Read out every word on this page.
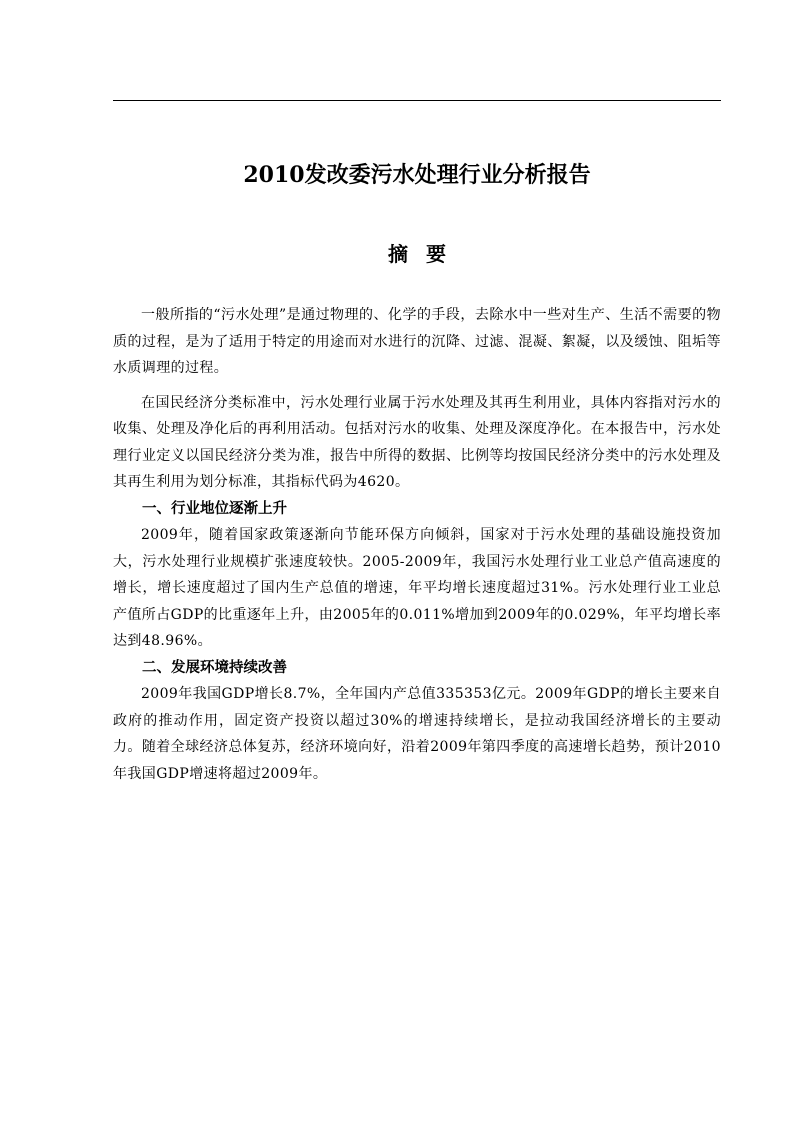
2010发改委污水处理行业分析报告
摘要

一般所指的“污水处理”是通过物理的、化学的手段，去除水中一些对生产、生活不需要的物质的过程，是为了适用于特定的用途而对水进行的沉降、过滤、混凝、絮凝，以及缓蚀、阻垢等水质调理的过程。

在国民经济分类标准中，污水处理行业属于污水处理及其再生利用业，具体内容指对污水的收集、处理及净化后的再利用活动。包括对污水的收集、处理及深度净化。在本报告中，污水处理行业定义以国民经济分类为准，报告中所得的数据、比例等均按国民经济分类中的污水处理及其再生利用为划分标准，其指标代码为4620。

一、行业地位逐渐上升

2009年，随着国家政策逐渐向节能环保方向倾斜，国家对于污水处理的基础设施投资加大，污水处理行业规模扩张速度较快。2005-2009年，我国污水处理行业工业总产值高速度的增长，增长速度超过了国内生产总值的增速，年平均增长速度超过31%。污水处理行业工业总产值所占GDP的比重逐年上升，由2005年的0.011%增加到2009年的0.029%，年平均增长率达到48.96%。

二、发展环境持续改善

2009年我国GDP增长8.7%，全年国内产总值335353亿元。2009年GDP的增长主要来自政府的推动作用，固定资产投资以超过30%的增速持续增长，是拉动我国经济增长的主要动力。随着全球经济总体复苏，经济环境向好，沿着2009年第四季度的高速增长趋势，预计2010年我国GDP增速将超过2009年。
